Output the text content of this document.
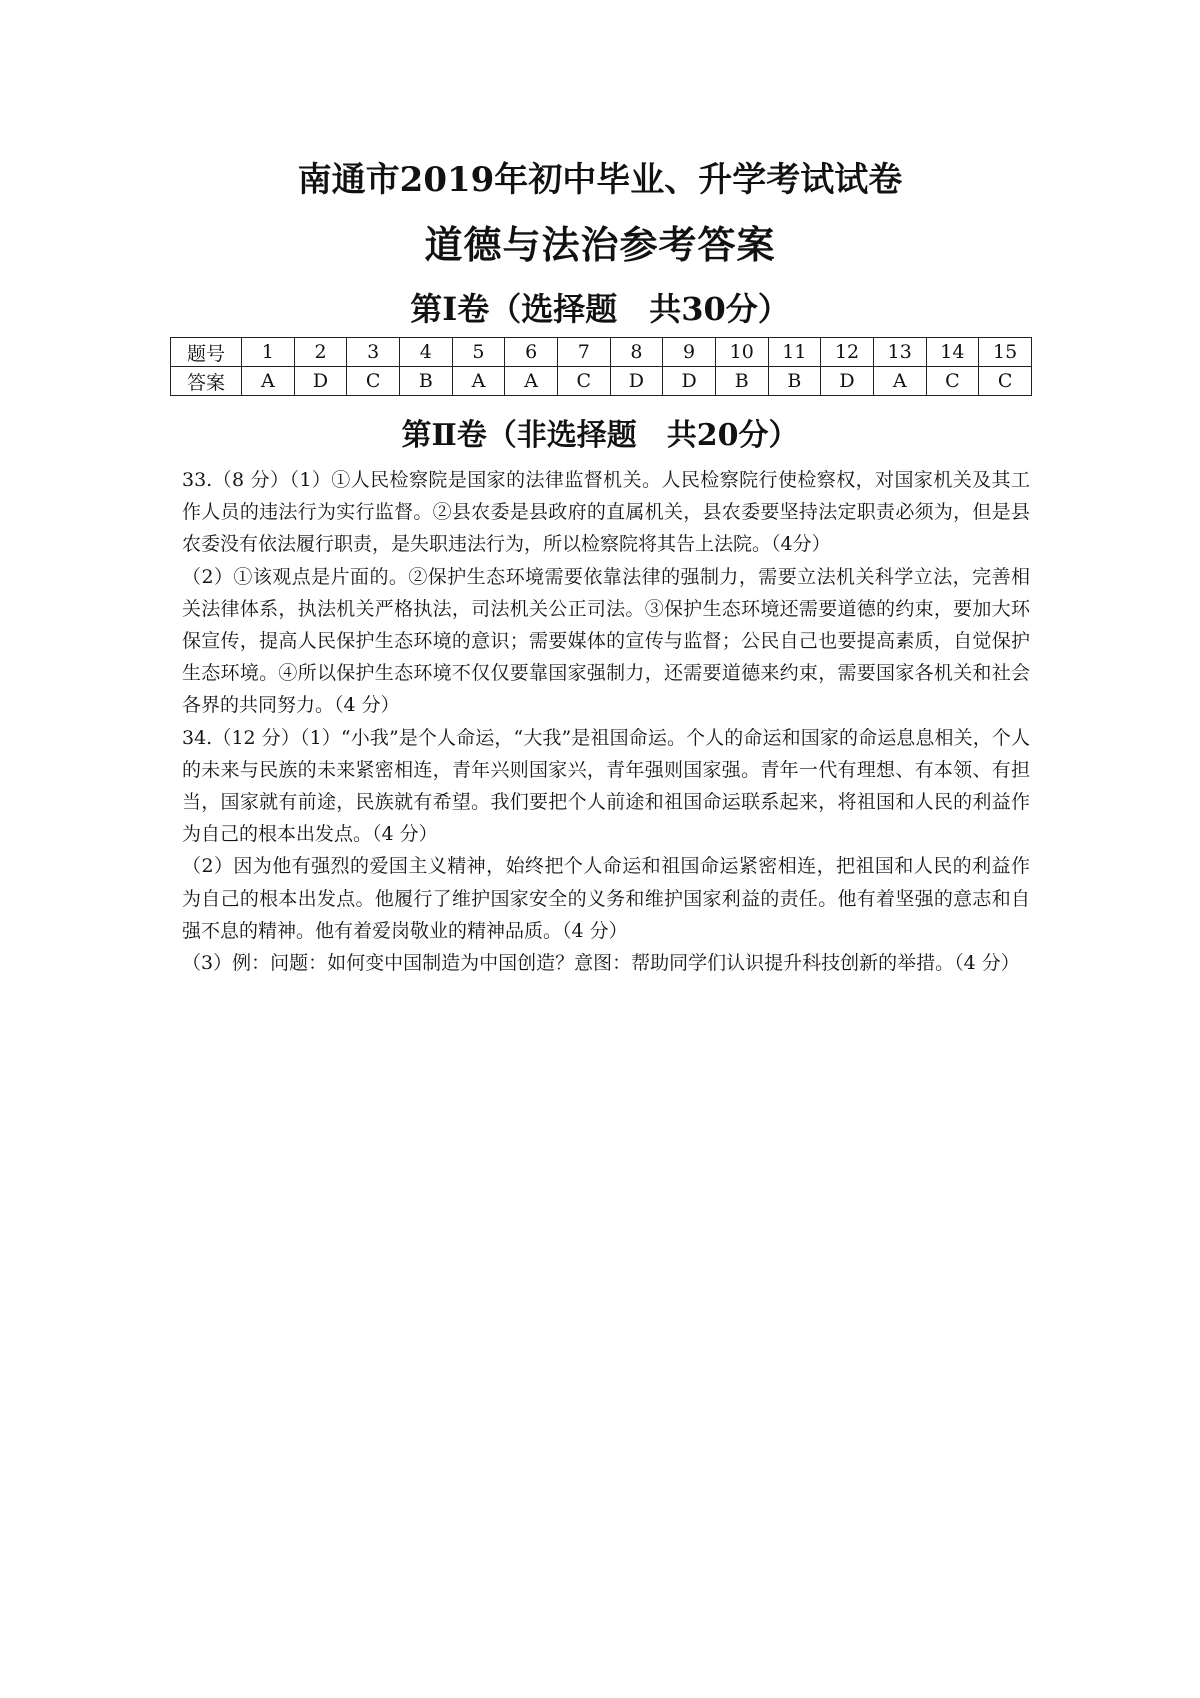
南通市2019年初中毕业、升学考试试卷
道德与法治参考答案
第Ⅰ卷（选择题　共30分）
题号	1	2	3	4	5	6	7	8	9	10	11	12	13	14	15
答案	A	D	C	B	A	A	C	D	D	B	B	D	A	C	C
第Ⅱ卷（非选择题　共20分）

33.（8 分）（1）①人民检察院是国家的法律监督机关。人民检察院行使检察权，对国家机关及其工作人员的违法行为实行监督。②县农委是县政府的直属机关，县农委要坚持法定职责必须为，但是县农委没有依法履行职责，是失职违法行为，所以检察院将其告上法院。（4分）

（2）①该观点是片面的。②保护生态环境需要依靠法律的强制力，需要立法机关科学立法，完善相关法律体系，执法机关严格执法，司法机关公正司法。③保护生态环境还需要道德的约束，要加大环保宣传，提高人民保护生态环境的意识；需要媒体的宣传与监督；公民自己也要提高素质，自觉保护生态环境。④所以保护生态环境不仅仅要靠国家强制力，还需要道德来约束，需要国家各机关和社会各界的共同努力。（4 分）

34.（12 分）（1）“小我”是个人命运，“大我”是祖国命运。个人的命运和国家的命运息息相关，个人的未来与民族的未来紧密相连，青年兴则国家兴，青年强则国家强。青年一代有理想、有本领、有担当，国家就有前途，民族就有希望。我们要把个人前途和祖国命运联系起来，将祖国和人民的利益作为自己的根本出发点。（4 分）

（2）因为他有强烈的爱国主义精神，始终把个人命运和祖国命运紧密相连，把祖国和人民的利益作为自己的根本出发点。他履行了维护国家安全的义务和维护国家利益的责任。他有着坚强的意志和自强不息的精神。他有着爱岗敬业的精神品质。（4 分）

（3）例：问题：如何变中国制造为中国创造？意图：帮助同学们认识提升科技创新的举措。（4 分）
